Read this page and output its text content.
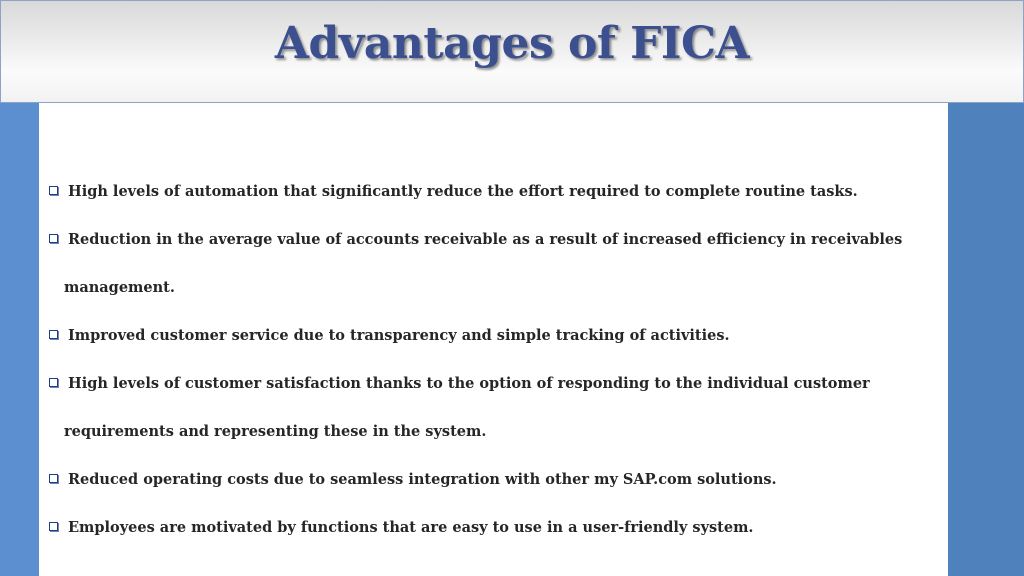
Advantages of FICA
High levels of automation that significantly reduce the effort required to complete routine tasks.
Reduction in the average value of accounts receivable as a result of increased efficiency in receivables
management.
Improved customer service due to transparency and simple tracking of activities.
High levels of customer satisfaction thanks to the option of responding to the individual customer
requirements and representing these in the system.
Reduced operating costs due to seamless integration with other my SAP.com solutions.
Employees are motivated by functions that are easy to use in a user-friendly system.
